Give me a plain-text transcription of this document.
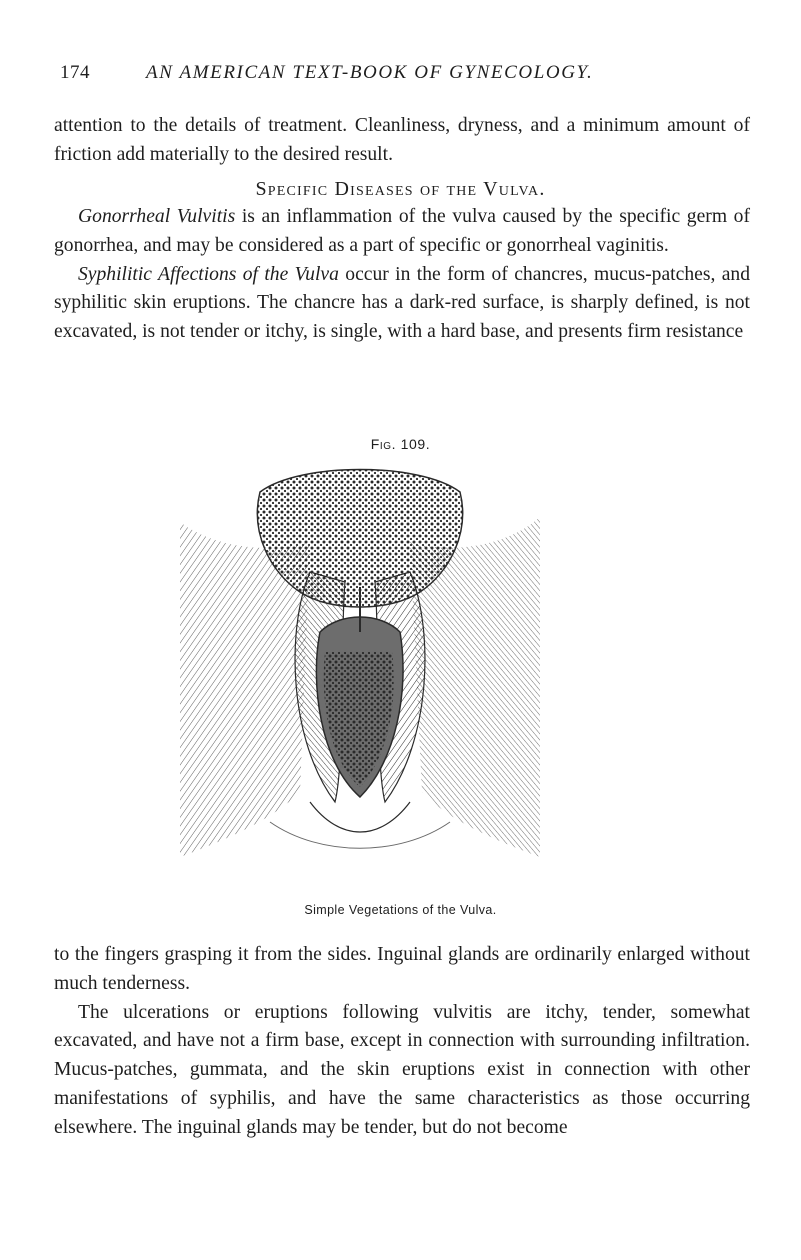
174	AN AMERICAN TEXT-BOOK OF GYNECOLOGY.

attention to the details of treatment. Cleanliness, dryness, and a minimum amount of friction add materially to the desired result.

Specific Diseases of the Vulva.

Gonorrheal Vulvitis is an inflammation of the vulva caused by the specific germ of gonorrhea, and may be considered as a part of specific or gonorrheal vaginitis.

Syphilitic Affections of the Vulva occur in the form of chancres, mucus-patches, and syphilitic skin eruptions. The chancre has a dark-red surface, is sharply defined, is not excavated, is not tender or itchy, is single, with a hard base, and presents firm resistance

Fig. 109.
Simple Vegetations of the Vulva.

to the fingers grasping it from the sides. Inguinal glands are ordinarily enlarged without much tenderness.

The ulcerations or eruptions following vulvitis are itchy, tender, somewhat excavated, and have not a firm base, except in connection with surrounding infiltration. Mucus-patches, gummata, and the skin eruptions exist in connection with other manifestations of syphilis, and have the same characteristics as those occurring elsewhere. The inguinal glands may be tender, but do not become
